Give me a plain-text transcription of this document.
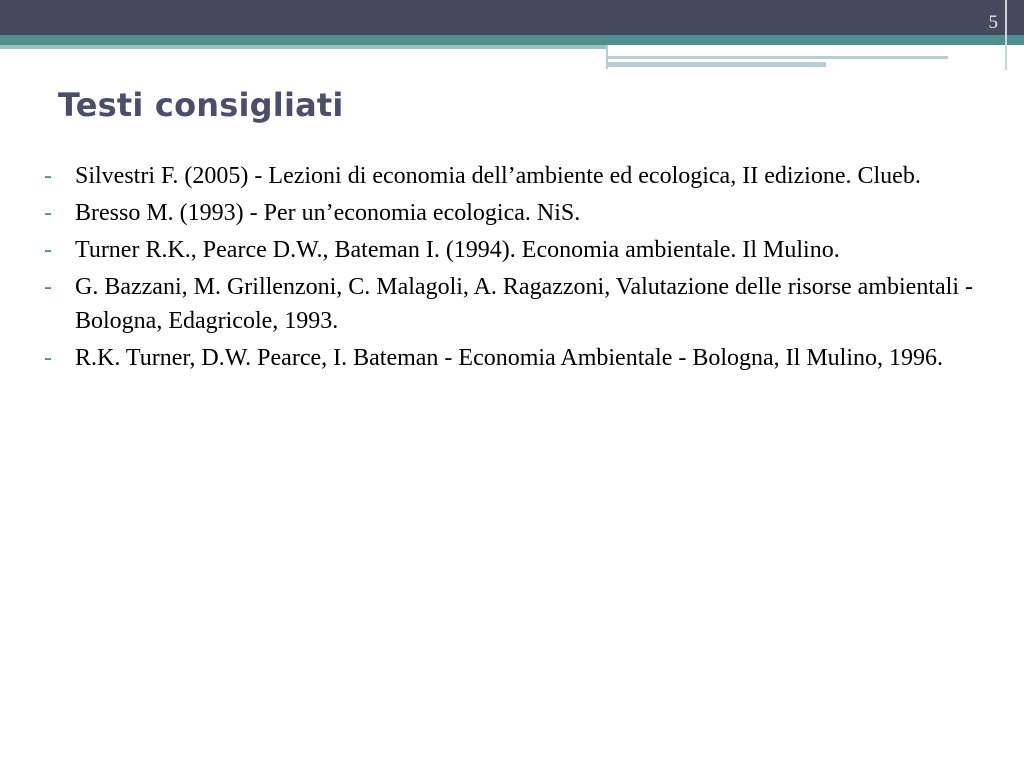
5
Testi consigliati
- Silvestri F. (2005) - Lezioni di economia dell’ambiente ed ecologica, II edizione. Clueb.
- Bresso M. (1993) - Per un’economia ecologica. NiS.
- Turner R.K., Pearce D.W., Bateman I. (1994). Economia ambientale. Il Mulino.
- G. Bazzani, M. Grillenzoni, C. Malagoli, A. Ragazzoni, Valutazione delle risorse ambientali - Bologna, Edagricole, 1993.
- R.K. Turner, D.W. Pearce, I. Bateman - Economia Ambientale - Bologna, Il Mulino, 1996.
